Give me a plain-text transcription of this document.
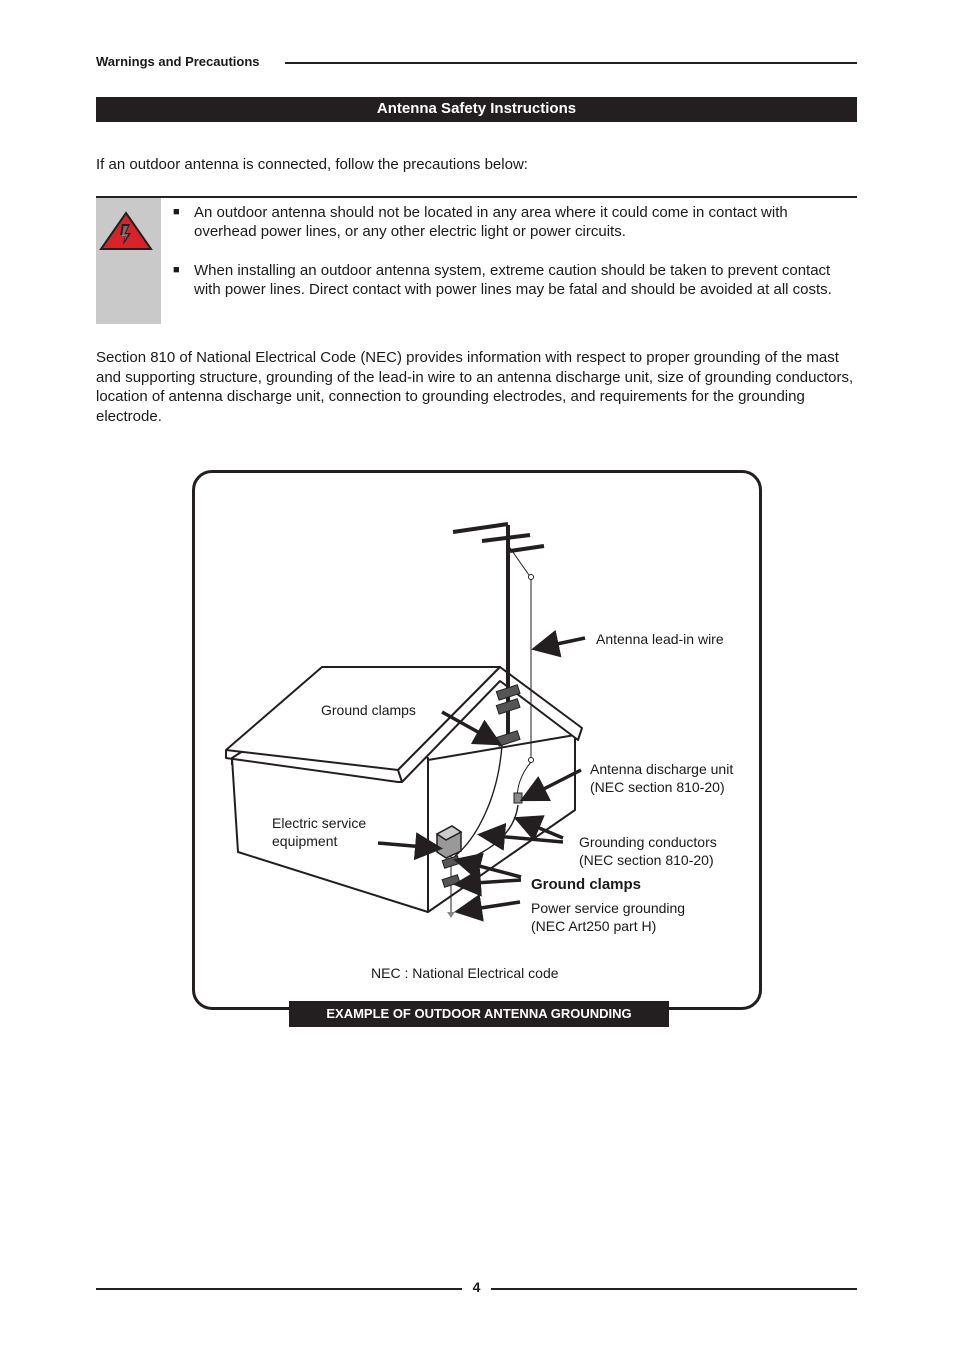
Warnings and Precautions
Antenna Safety Instructions
If an outdoor antenna is connected, follow the precautions below:
■ An outdoor antenna should not be located in any area where it could come in contact with overhead power lines, or any other electric light or power circuits.
■ When installing an outdoor antenna system, extreme caution should be taken to prevent contact with power lines. Direct contact with power lines may be fatal and should be avoided at all costs.
Section 810 of National Electrical Code (NEC) provides information with respect to proper grounding of the mast and supporting structure, grounding of the lead-in wire to an antenna discharge unit, size of grounding conductors, location of antenna discharge unit, connection to grounding electrodes, and requirements for the grounding electrode.
Antenna lead-in wire
Ground clamps
Antenna discharge unit
(NEC section 810-20)
Electric service
equipment	Grounding conductors
(NEC section 810-20)
Ground clamps
Power service grounding
(NEC Art250 part H)
NEC : National Electrical code
EXAMPLE OF OUTDOOR ANTENNA GROUNDING
4
